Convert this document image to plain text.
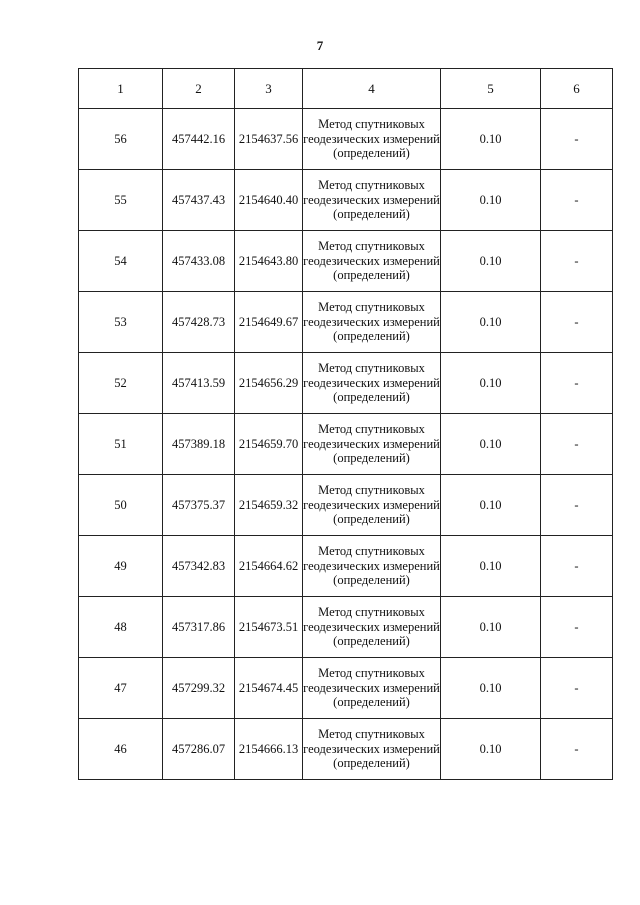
7
1	2	3	4	5	6
56	457442.16	2154637.56	Метод спутниковых геодезических измерений (определений)	0.10	-
55	457437.43	2154640.40	Метод спутниковых геодезических измерений (определений)	0.10	-
54	457433.08	2154643.80	Метод спутниковых геодезических измерений (определений)	0.10	-
53	457428.73	2154649.67	Метод спутниковых геодезических измерений (определений)	0.10	-
52	457413.59	2154656.29	Метод спутниковых геодезических измерений (определений)	0.10	-
51	457389.18	2154659.70	Метод спутниковых геодезических измерений (определений)	0.10	-
50	457375.37	2154659.32	Метод спутниковых геодезических измерений (определений)	0.10	-
49	457342.83	2154664.62	Метод спутниковых геодезических измерений (определений)	0.10	-
48	457317.86	2154673.51	Метод спутниковых геодезических измерений (определений)	0.10	-
47	457299.32	2154674.45	Метод спутниковых геодезических измерений (определений)	0.10	-
46	457286.07	2154666.13	Метод спутниковых геодезических измерений (определений)	0.10	-
